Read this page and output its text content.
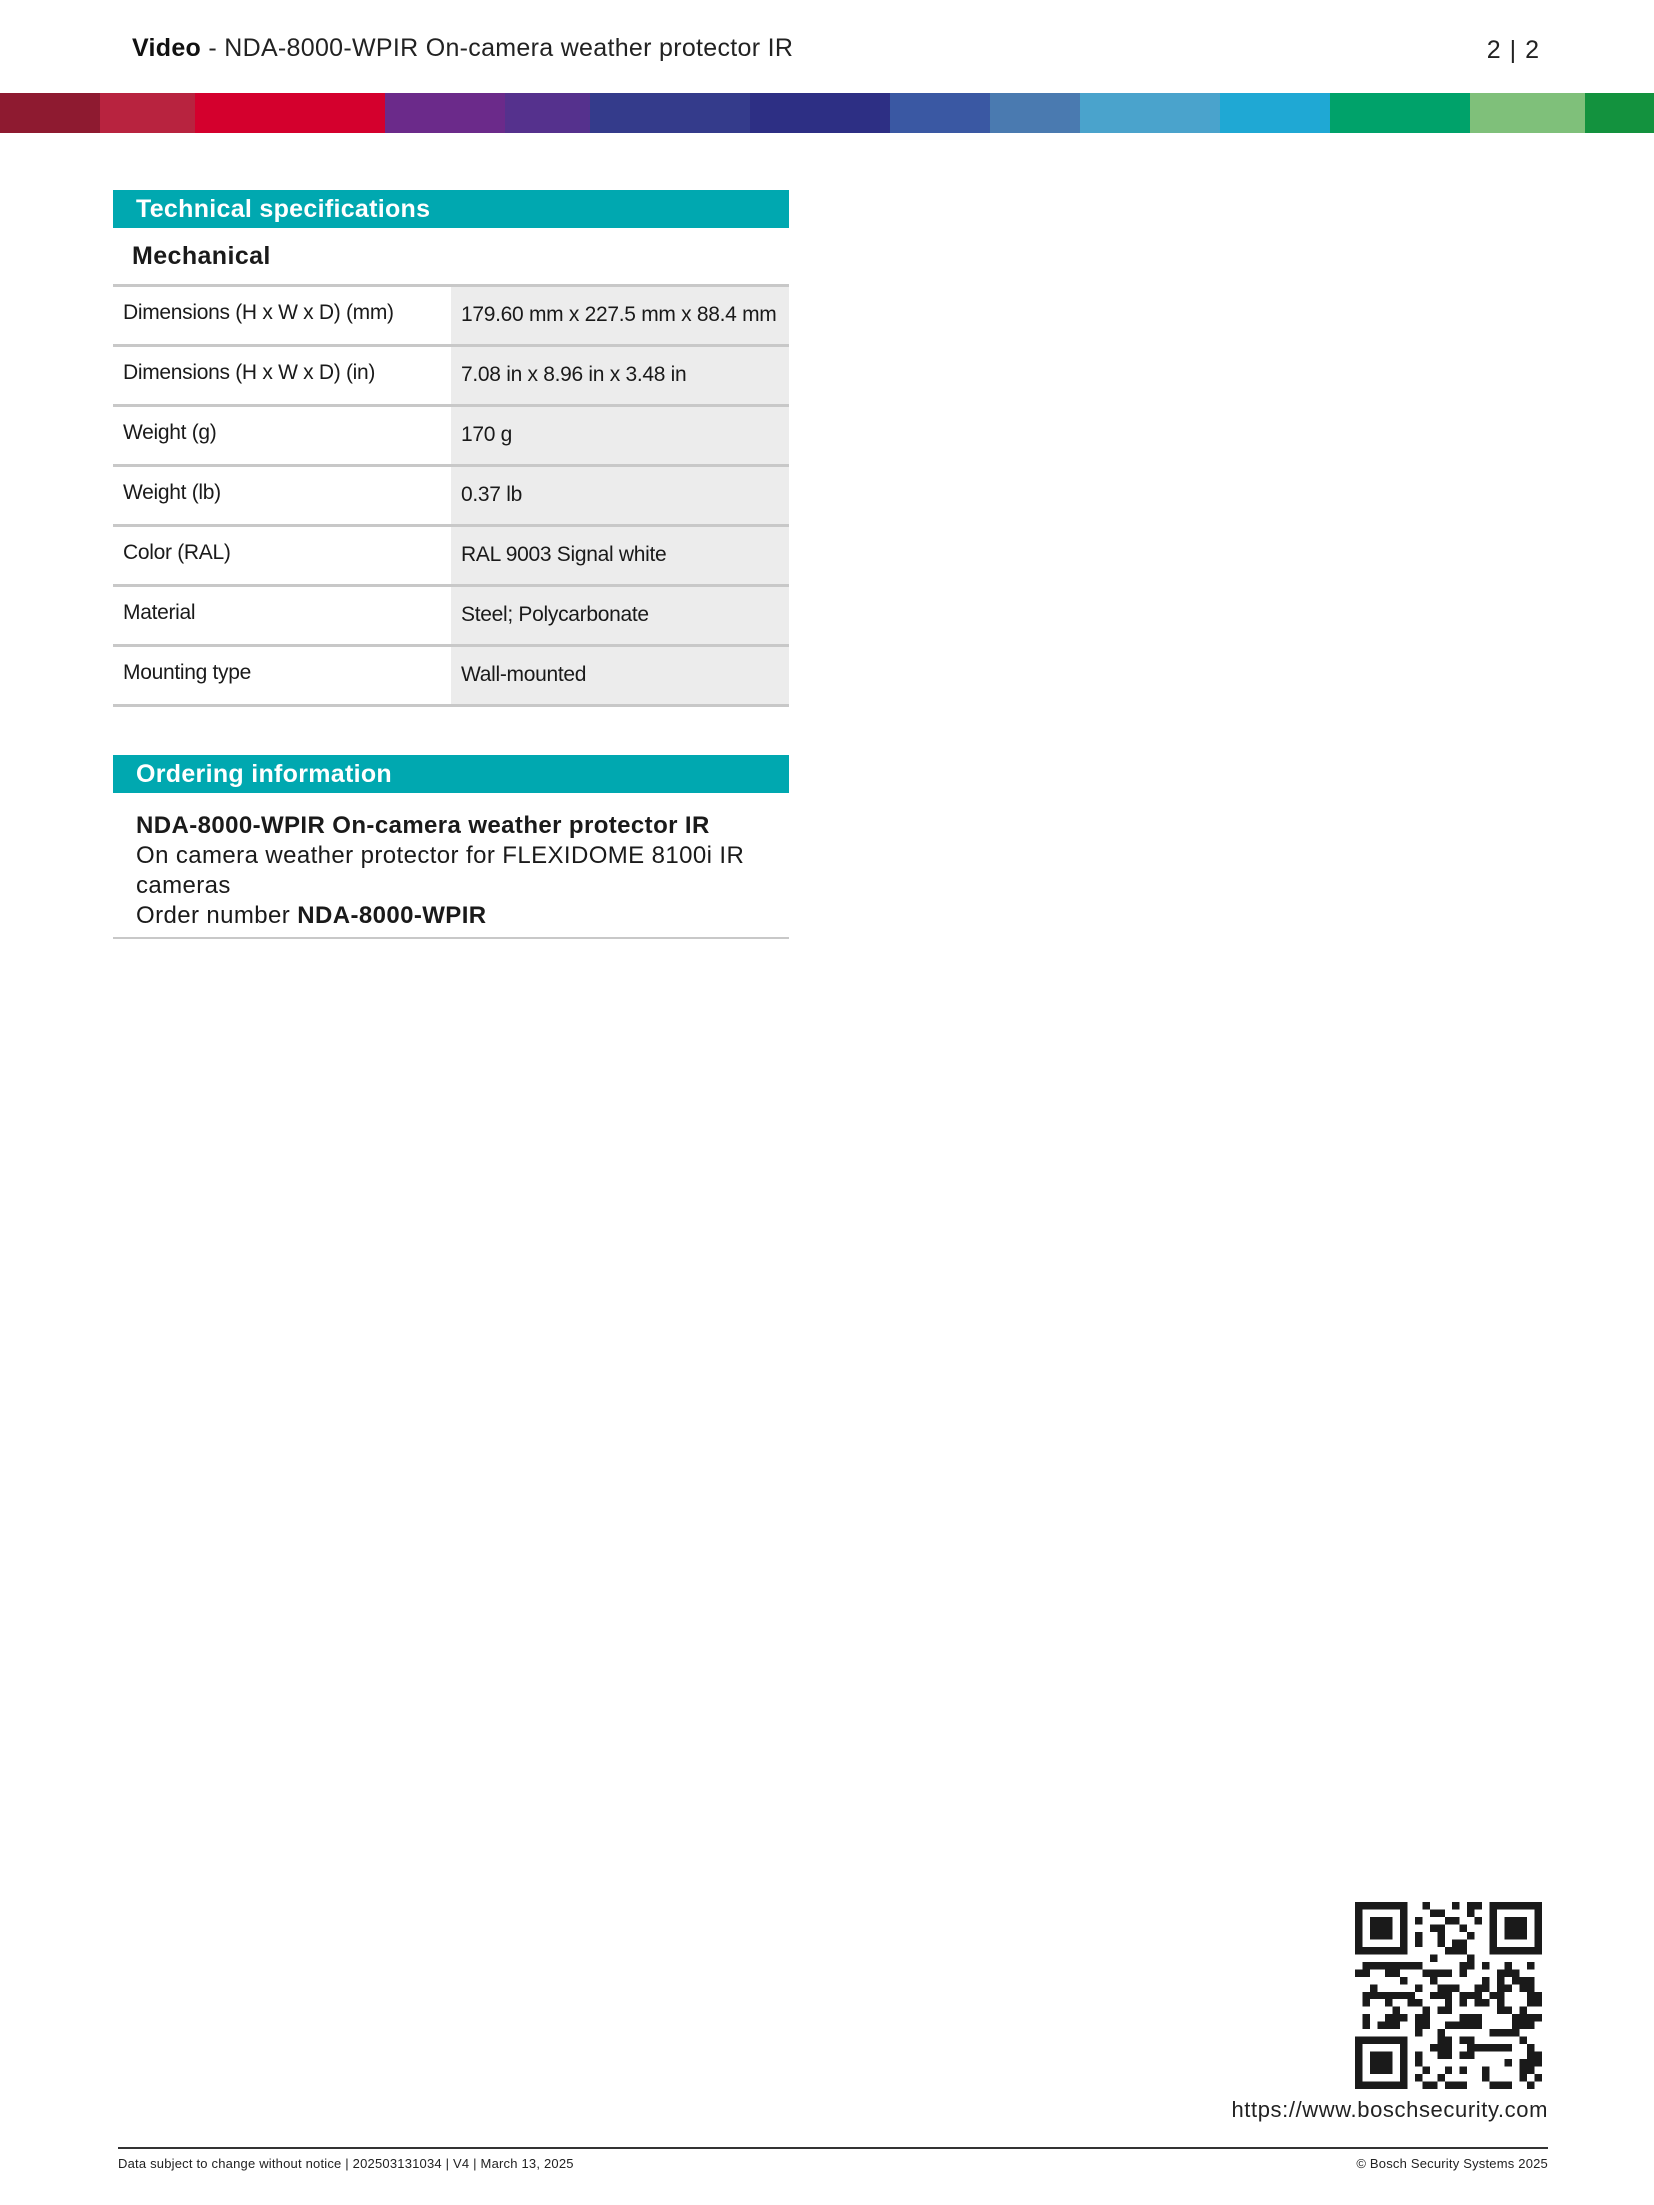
Video - NDA-8000-WPIR On-camera weather protector IR	2 | 2
Technical specifications
Mechanical
Dimensions (H x W x D) (mm)	179.60 mm x 227.5 mm x 88.4 mm
Dimensions (H x W x D) (in)	7.08 in x 8.96 in x 3.48 in
Weight (g)	170 g
Weight (lb)	0.37 lb
Color (RAL)	RAL 9003 Signal white
Material	Steel; Polycarbonate
Mounting type	Wall-mounted
Ordering information
NDA-8000-WPIR On-camera weather protector IR
On camera weather protector for FLEXIDOME 8100i IR cameras
Order number NDA-8000-WPIR
https://www.boschsecurity.com
Data subject to change without notice | 202503131034 | V4 | March 13, 2025	© Bosch Security Systems 2025
